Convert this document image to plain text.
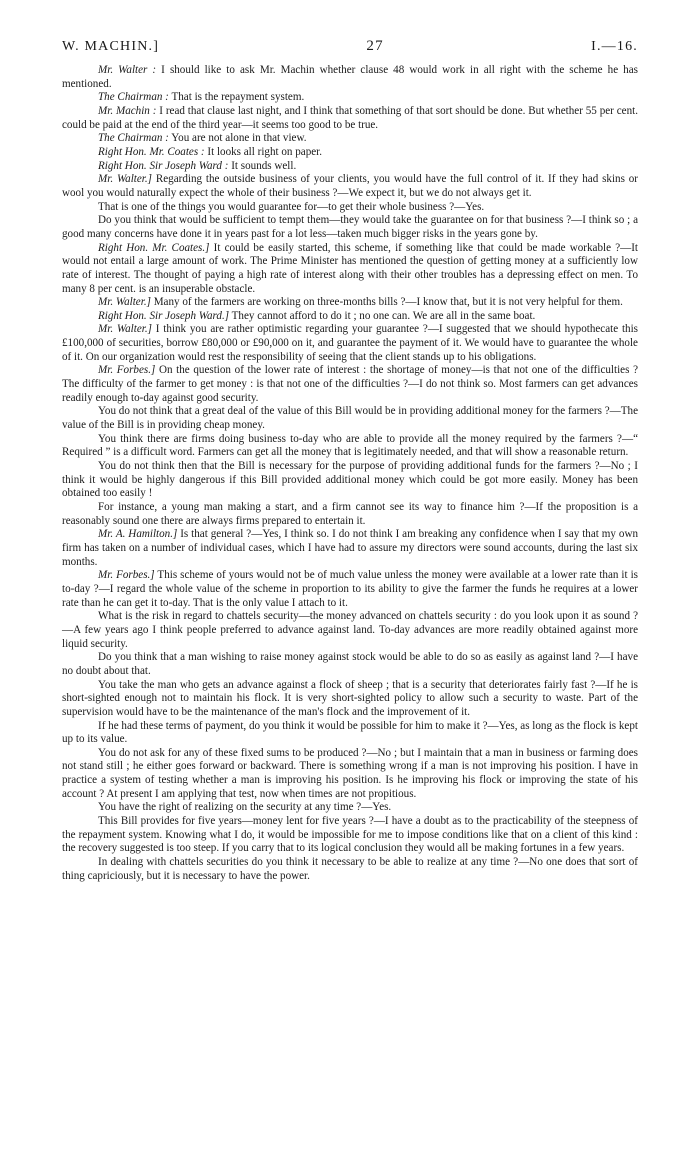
W. MACHIN.]	27	I.—16.

Mr. Walter : I should like to ask Mr. Machin whether clause 48 would work in all right with the scheme he has mentioned.

The Chairman : That is the repayment system.

Mr. Machin : I read that clause last night, and I think that something of that sort should be done. But whether 55 per cent. could be paid at the end of the third year—it seems too good to be true.

The Chairman : You are not alone in that view.

Right Hon. Mr. Coates : It looks all right on paper.

Right Hon. Sir Joseph Ward : It sounds well.

Mr. Walter.] Regarding the outside business of your clients, you would have the full control of it. If they had skins or wool you would naturally expect the whole of their business ?—We expect it, but we do not always get it.

That is one of the things you would guarantee for—to get their whole business ?—Yes.

Do you think that would be sufficient to tempt them—they would take the guarantee on for that business ?—I think so ; a good many concerns have done it in years past for a lot less—taken much bigger risks in the years gone by.

Right Hon. Mr. Coates.] It could be easily started, this scheme, if something like that could be made workable ?—It would not entail a large amount of work. The Prime Minister has mentioned the question of getting money at a sufficiently low rate of interest. The thought of paying a high rate of interest along with their other troubles has a depressing effect on men. To many 8 per cent. is an insuperable obstacle.

Mr. Walter.] Many of the farmers are working on three-months bills ?—I know that, but it is not very helpful for them.

Right Hon. Sir Joseph Ward.] They cannot afford to do it ; no one can. We are all in the same boat.

Mr. Walter.] I think you are rather optimistic regarding your guarantee ?—I suggested that we should hypothecate this £100,000 of securities, borrow £80,000 or £90,000 on it, and guarantee the payment of it. We would have to guarantee the whole of it. On our organization would rest the responsibility of seeing that the client stands up to his obligations.

Mr. Forbes.] On the question of the lower rate of interest : the shortage of money—is that not one of the difficulties ? The difficulty of the farmer to get money : is that not one of the difficulties ?—I do not think so. Most farmers can get advances readily enough to-day against good security.

You do not think that a great deal of the value of this Bill would be in providing additional money for the farmers ?—The value of the Bill is in providing cheap money.

You think there are firms doing business to-day who are able to provide all the money required by the farmers ?—“ Required ” is a difficult word. Farmers can get all the money that is legitimately needed, and that will show a reasonable return.

You do not think then that the Bill is necessary for the purpose of providing additional funds for the farmers ?—No ; I think it would be highly dangerous if this Bill provided additional money which could be got more easily. Money has been obtained too easily !

For instance, a young man making a start, and a firm cannot see its way to finance him ?—If the proposition is a reasonably sound one there are always firms prepared to entertain it.

Mr. A. Hamilton.] Is that general ?—Yes, I think so. I do not think I am breaking any confidence when I say that my own firm has taken on a number of individual cases, which I have had to assure my directors were sound accounts, during the last six months.

Mr. Forbes.] This scheme of yours would not be of much value unless the money were available at a lower rate than it is to-day ?—I regard the whole value of the scheme in proportion to its ability to give the farmer the funds he requires at a lower rate than he can get it to-day. That is the only value I attach to it.

What is the risk in regard to chattels security—the money advanced on chattels security : do you look upon it as sound ?—A few years ago I think people preferred to advance against land. To-day advances are more readily obtained against more liquid security.

Do you think that a man wishing to raise money against stock would be able to do so as easily as against land ?—I have no doubt about that.

You take the man who gets an advance against a flock of sheep ; that is a security that deteriorates fairly fast ?—If he is short-sighted enough not to maintain his flock. It is very short-sighted policy to allow such a security to waste. Part of the supervision would have to be the maintenance of the man's flock and the improvement of it.

If he had these terms of payment, do you think it would be possible for him to make it ?—Yes, as long as the flock is kept up to its value.

You do not ask for any of these fixed sums to be produced ?—No ; but I maintain that a man in business or farming does not stand still ; he either goes forward or backward. There is something wrong if a man is not improving his position. I have in practice a system of testing whether a man is improving his position. Is he improving his flock or improving the state of his account ? At present I am applying that test, now when times are not propitious.

You have the right of realizing on the security at any time ?—Yes.

This Bill provides for five years—money lent for five years ?—I have a doubt as to the practicability of the steepness of the repayment system. Knowing what I do, it would be impossible for me to impose conditions like that on a client of this kind : the recovery suggested is too steep. If you carry that to its logical conclusion they would all be making fortunes in a few years.

In dealing with chattels securities do you think it necessary to be able to realize at any time ?—No one does that sort of thing capriciously, but it is necessary to have the power.
